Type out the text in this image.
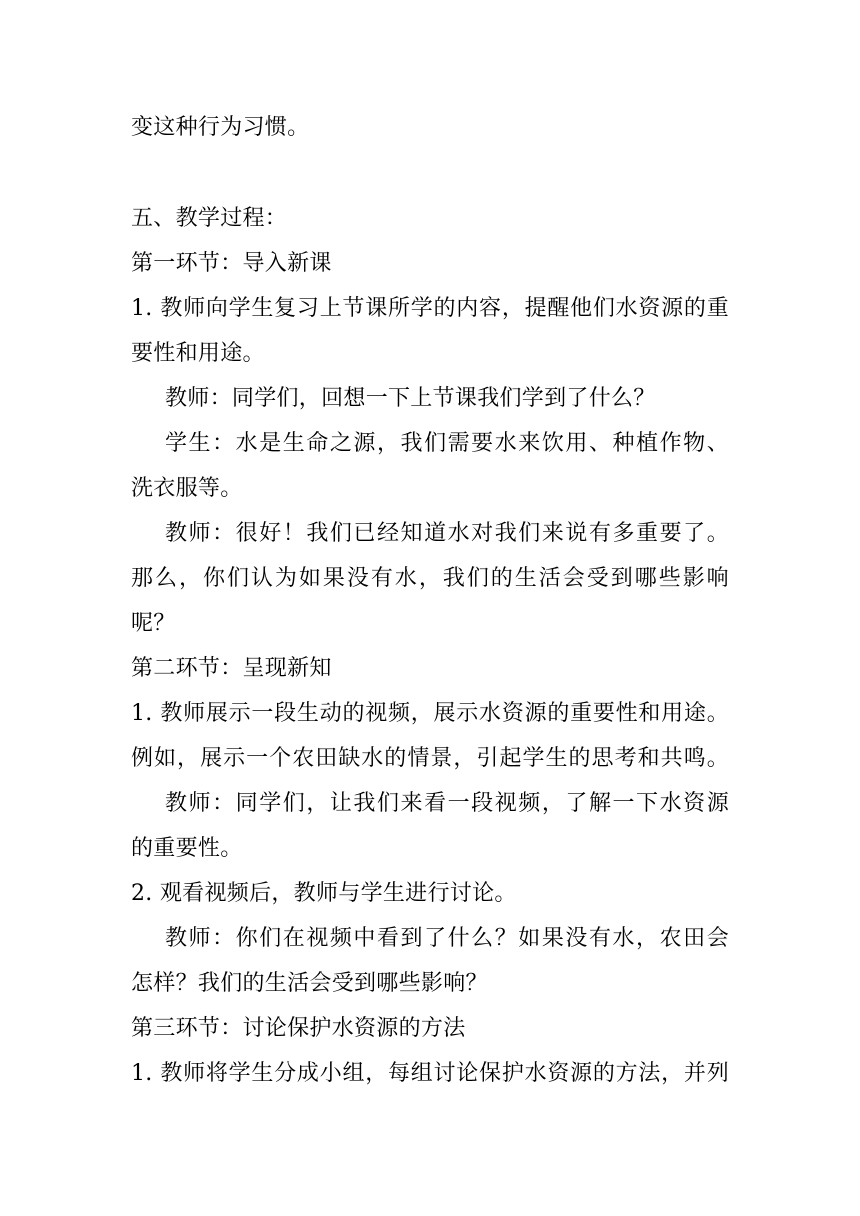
变这种行为习惯。
五、教学过程：
第一环节：导入新课
1. 教师向学生复习上节课所学的内容，提醒他们水资源的重
要性和用途。
教师：同学们，回想一下上节课我们学到了什么？
学生：水是生命之源，我们需要水来饮用、种植作物、
洗衣服等。
教师：很好！我们已经知道水对我们来说有多重要了。
那么，你们认为如果没有水，我们的生活会受到哪些影响
呢？
第二环节：呈现新知
1. 教师展示一段生动的视频，展示水资源的重要性和用途。
例如，展示一个农田缺水的情景，引起学生的思考和共鸣。
教师：同学们，让我们来看一段视频，了解一下水资源
的重要性。
2. 观看视频后，教师与学生进行讨论。
教师：你们在视频中看到了什么？如果没有水，农田会
怎样？我们的生活会受到哪些影响？
第三环节：讨论保护水资源的方法
1. 教师将学生分成小组，每组讨论保护水资源的方法，并列
